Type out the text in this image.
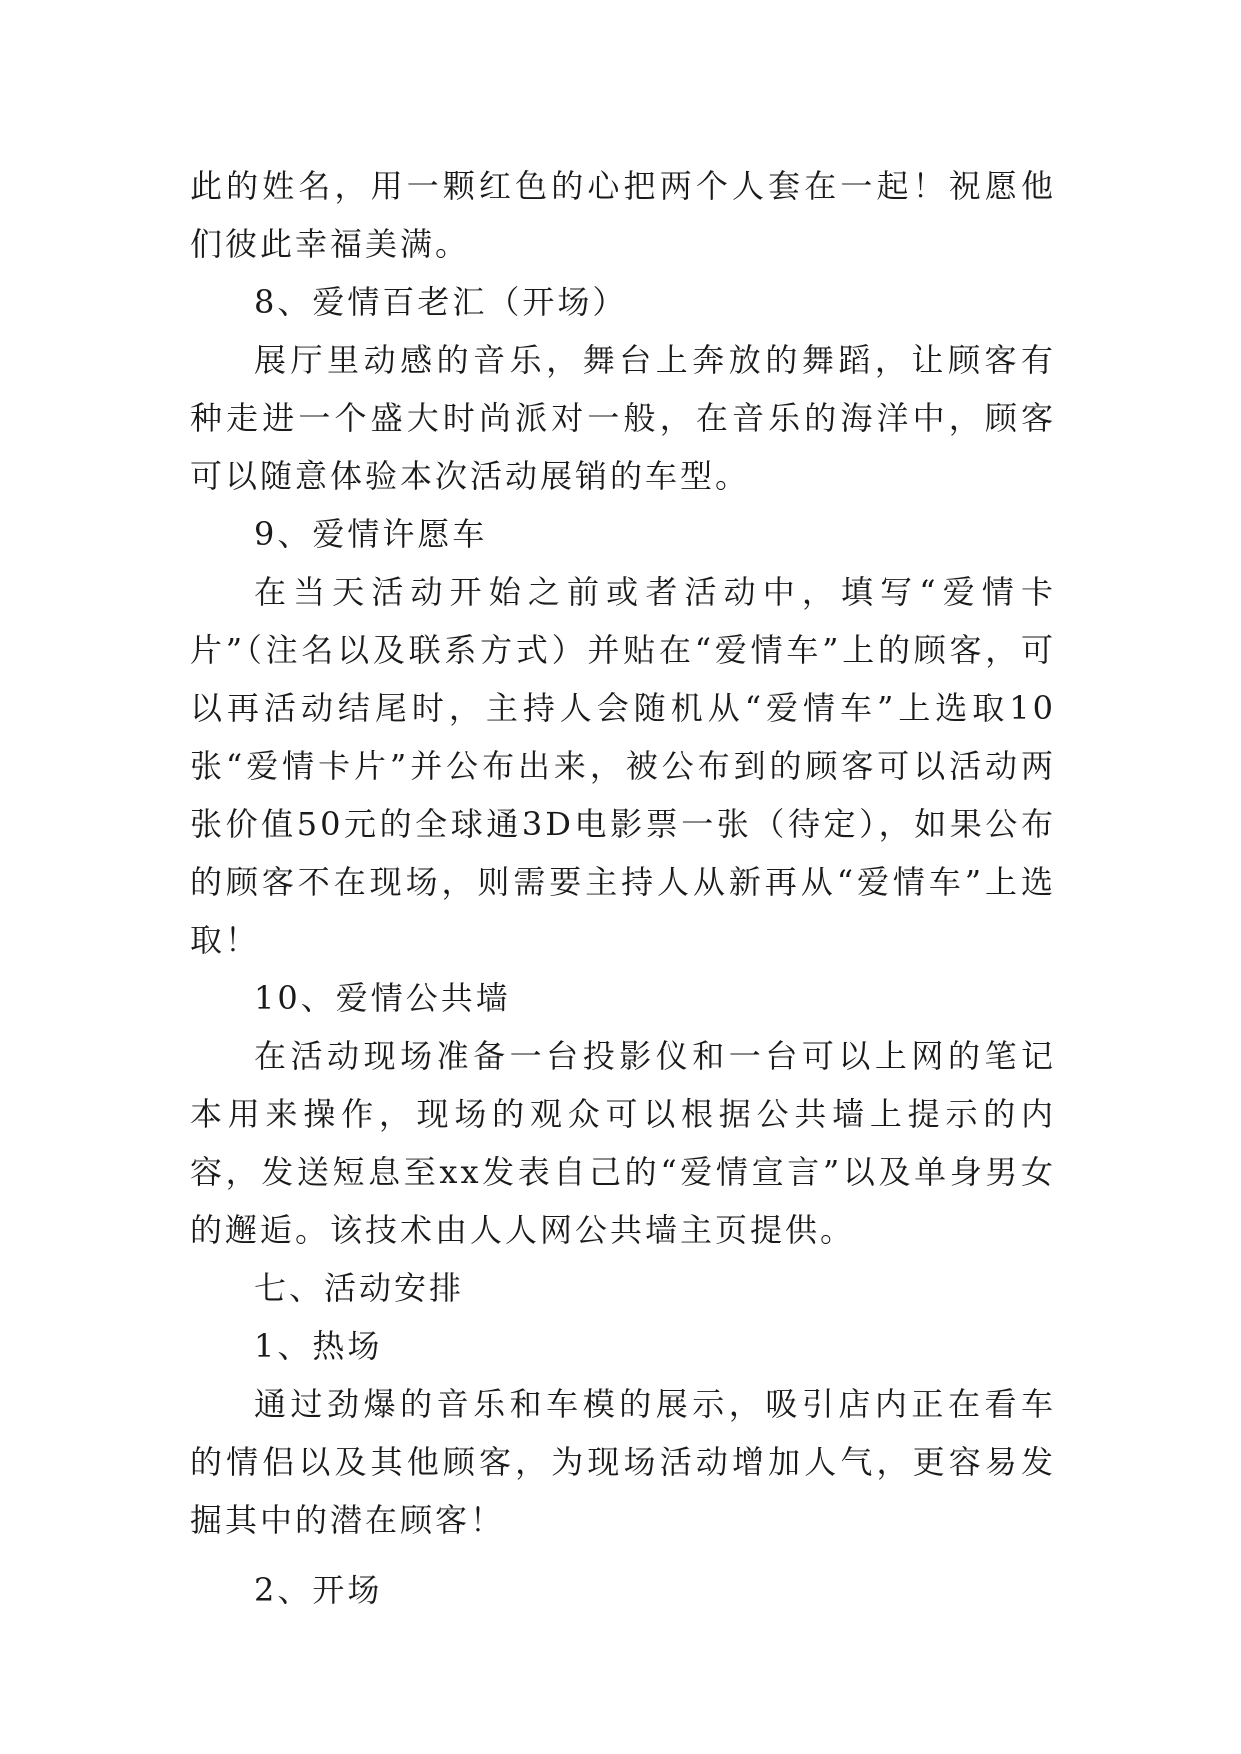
此的姓名，用一颗红色的心把两个人套在一起！祝愿他们彼此幸福美满。

8、爱情百老汇（开场）

展厅里动感的音乐，舞台上奔放的舞蹈，让顾客有种走进一个盛大时尚派对一般，在音乐的海洋中，顾客可以随意体验本次活动展销的车型。

9、爱情许愿车

在当天活动开始之前或者活动中，填写“爱情卡片”（注名以及联系方式）并贴在“爱情车”上的顾客，可以再活动结尾时，主持人会随机从“爱情车”上选取10张“爱情卡片”并公布出来，被公布到的顾客可以活动两张价值50元的全球通3D电影票一张（待定），如果公布的顾客不在现场，则需要主持人从新再从“爱情车”上选取！

10、爱情公共墙

在活动现场准备一台投影仪和一台可以上网的笔记本用来操作，现场的观众可以根据公共墙上提示的内容，发送短息至xx发表自己的“爱情宣言”以及单身男女的邂逅。该技术由人人网公共墙主页提供。

七、活动安排

1、热场

通过劲爆的音乐和车模的展示，吸引店内正在看车的情侣以及其他顾客，为现场活动增加人气，更容易发掘其中的潜在顾客！

2、开场
